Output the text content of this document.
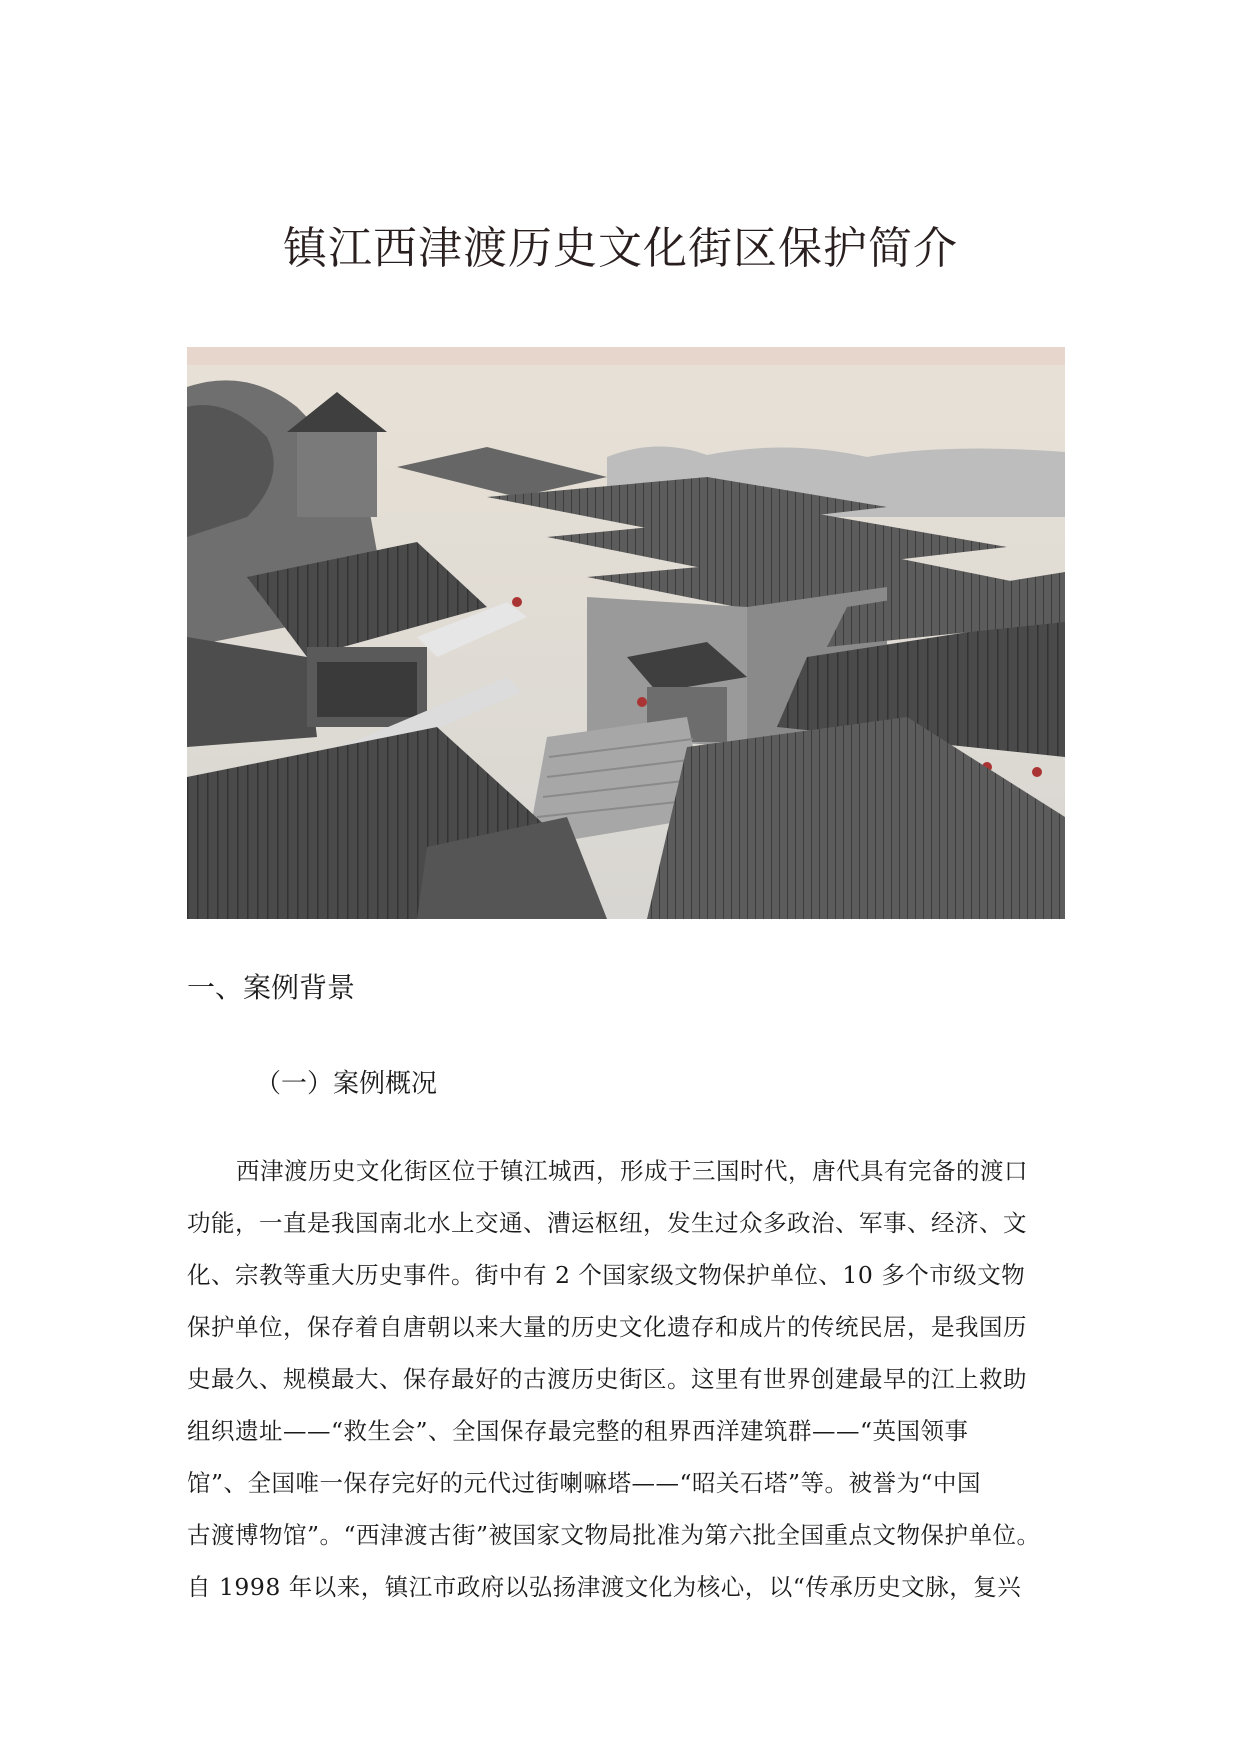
镇江西津渡历史文化街区保护简介
一、案例背景
（一）案例概况
西津渡历史文化街区位于镇江城西，形成于三国时代，唐代具有完备的渡口
功能，一直是我国南北水上交通、漕运枢纽，发生过众多政治、军事、经济、文
化、宗教等重大历史事件。街中有 2 个国家级文物保护单位、10 多个市级文物
保护单位，保存着自唐朝以来大量的历史文化遗存和成片的传统民居，是我国历
史最久、规模最大、保存最好的古渡历史街区。这里有世界创建最早的江上救助
组织遗址——“救生会”、全国保存最完整的租界西洋建筑群——“英国领事
馆”、全国唯一保存完好的元代过街喇嘛塔——“昭关石塔”等。被誉为“中国
古渡博物馆”。“西津渡古街”被国家文物局批准为第六批全国重点文物保护单位。
自 1998 年以来，镇江市政府以弘扬津渡文化为核心，以“传承历史文脉，复兴
